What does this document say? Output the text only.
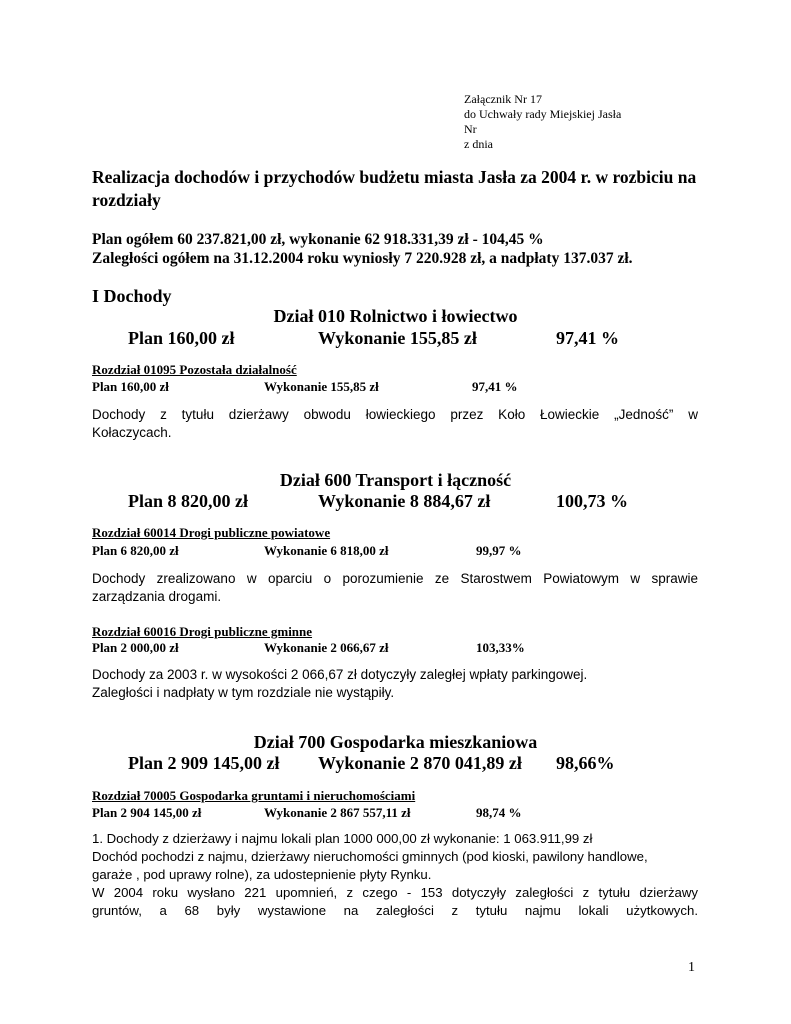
Załącznik Nr 17
do Uchwały rady Miejskiej Jasła
Nr
z dnia
Realizacja dochodów i przychodów budżetu miasta Jasła za 2004 r. w rozbiciu na rozdziały
Plan ogółem 60 237.821,00 zł, wykonanie 62 918.331,39 zł - 104,45 %
Zaległości ogółem na 31.12.2004 roku wyniosły 7 220.928 zł, a nadpłaty 137.037 zł.
I Dochody
Dział 010 Rolnictwo i łowiectwo
Plan 160,00 zł	Wykonanie 155,85 zł	97,41 %
Rozdział 01095 Pozostała działalność
Plan 160,00 zł	Wykonanie 155,85 zł	97,41 %
Dochody z tytułu dzierżawy obwodu łowieckiego przez Koło Łowieckie „Jedność” w
Kołaczycach.
Dział 600 Transport i łączność
Plan 8 820,00 zł	Wykonanie 8 884,67 zł	100,73 %
Rozdział 60014 Drogi publiczne powiatowe
Plan 6 820,00 zł	Wykonanie 6 818,00 zł	99,97 %
Dochody zrealizowano w oparciu o porozumienie ze Starostwem Powiatowym w sprawie
zarządzania drogami.
Rozdział 60016 Drogi publiczne gminne
Plan 2 000,00 zł	Wykonanie 2 066,67 zł	103,33%
Dochody za 2003 r. w wysokości 2 066,67 zł dotyczyły zaległej wpłaty parkingowej.
Zaległości i nadpłaty w tym rozdziale nie wystąpiły.
Dział 700 Gospodarka mieszkaniowa
Plan 2 909 145,00 zł Wykonanie 2 870 041,89 zł 98,66%
Rozdział 70005 Gospodarka gruntami i nieruchomościami
Plan 2 904 145,00 zł	Wykonanie 2 867 557,11 zł	98,74 %
1. Dochody z dzierżawy i najmu lokali plan 1000 000,00 zł wykonanie: 1 063.911,99 zł
Dochód pochodzi z najmu, dzierżawy nieruchomości gminnych (pod kioski, pawilony handlowe,
garaże , pod uprawy rolne), za udostepnienie płyty Rynku.
W 2004 roku wysłano 221 upomnień, z czego - 153 dotyczyły zaległości z tytułu dzierżawy
gruntów, a 68 były wystawione na zaległości z tytułu najmu lokali użytkowych.
1
